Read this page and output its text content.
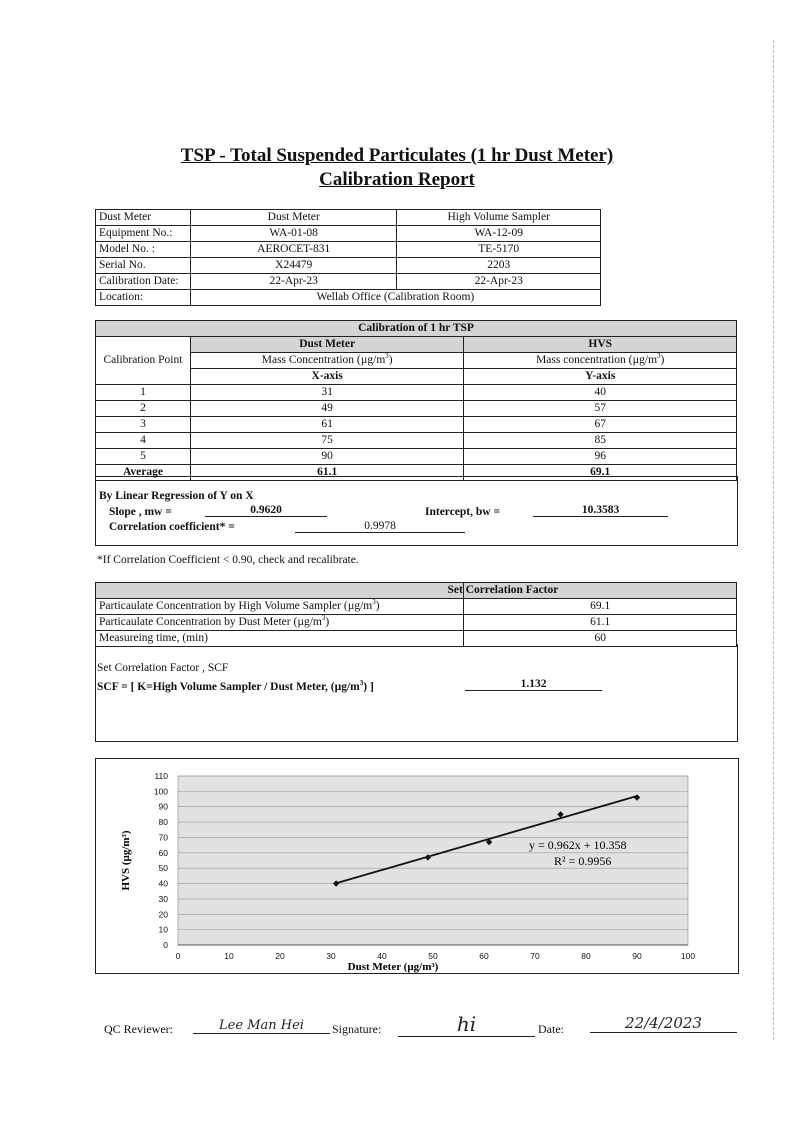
TSP - Total Suspended Particulates (1 hr Dust Meter)
Calibration Report
Dust Meter	Dust Meter	High Volume Sampler
Equipment No.:	WA-01-08	WA-12-09
Model No. :	AEROCET-831	TE-5170
Serial No.	X24479	2203
Calibration Date:	22-Apr-23	22-Apr-23
Location:	Wellab Office (Calibration Room)	
Calibration of 1 hr TSP		
Calibration Point	Dust Meter	HVS
	Mass Concentration $(\mu g/m^3)$	Mass concentration $(\mu g/m^3)$
	X-axis	Y-axis
1	31	40
2	49	57
3	61	67
4	75	85
5	90	96
Average	61.1	69.1
By Linear Regression of Y on X
Slope , mw =	0.9620	Intercept, bw =	10.3583
Correlation coefficient* =	0.9978
*If Correlation Coefficient < 0.90, check and recalibrate.

	Set Correlation Factor

Particaulate Concentration by High Volume Sampler $(\mu g/m^3)$	69.1
Particaulate Concentration by Dust Meter $(\mu g/m^3)$	61.1
Measureing time, (min)	60
Set Correlation Factor , SCF
SCF = [ K=High Volume Sampler / Dust Meter, $(\mu g/m^3)$ ]	1.132
0
10
20
30
40
50
60
70
80
90
100
110
0	10	20	30	40	50	60	70	80	90	100
y = 0.962x + 10.358
R² = 0.9956
Dust Meter (µg/m³)
HVS (µg/m³)
QC Reviewer:	Lee Man Hei	Signature:	hi	Date:	22/4/2023
